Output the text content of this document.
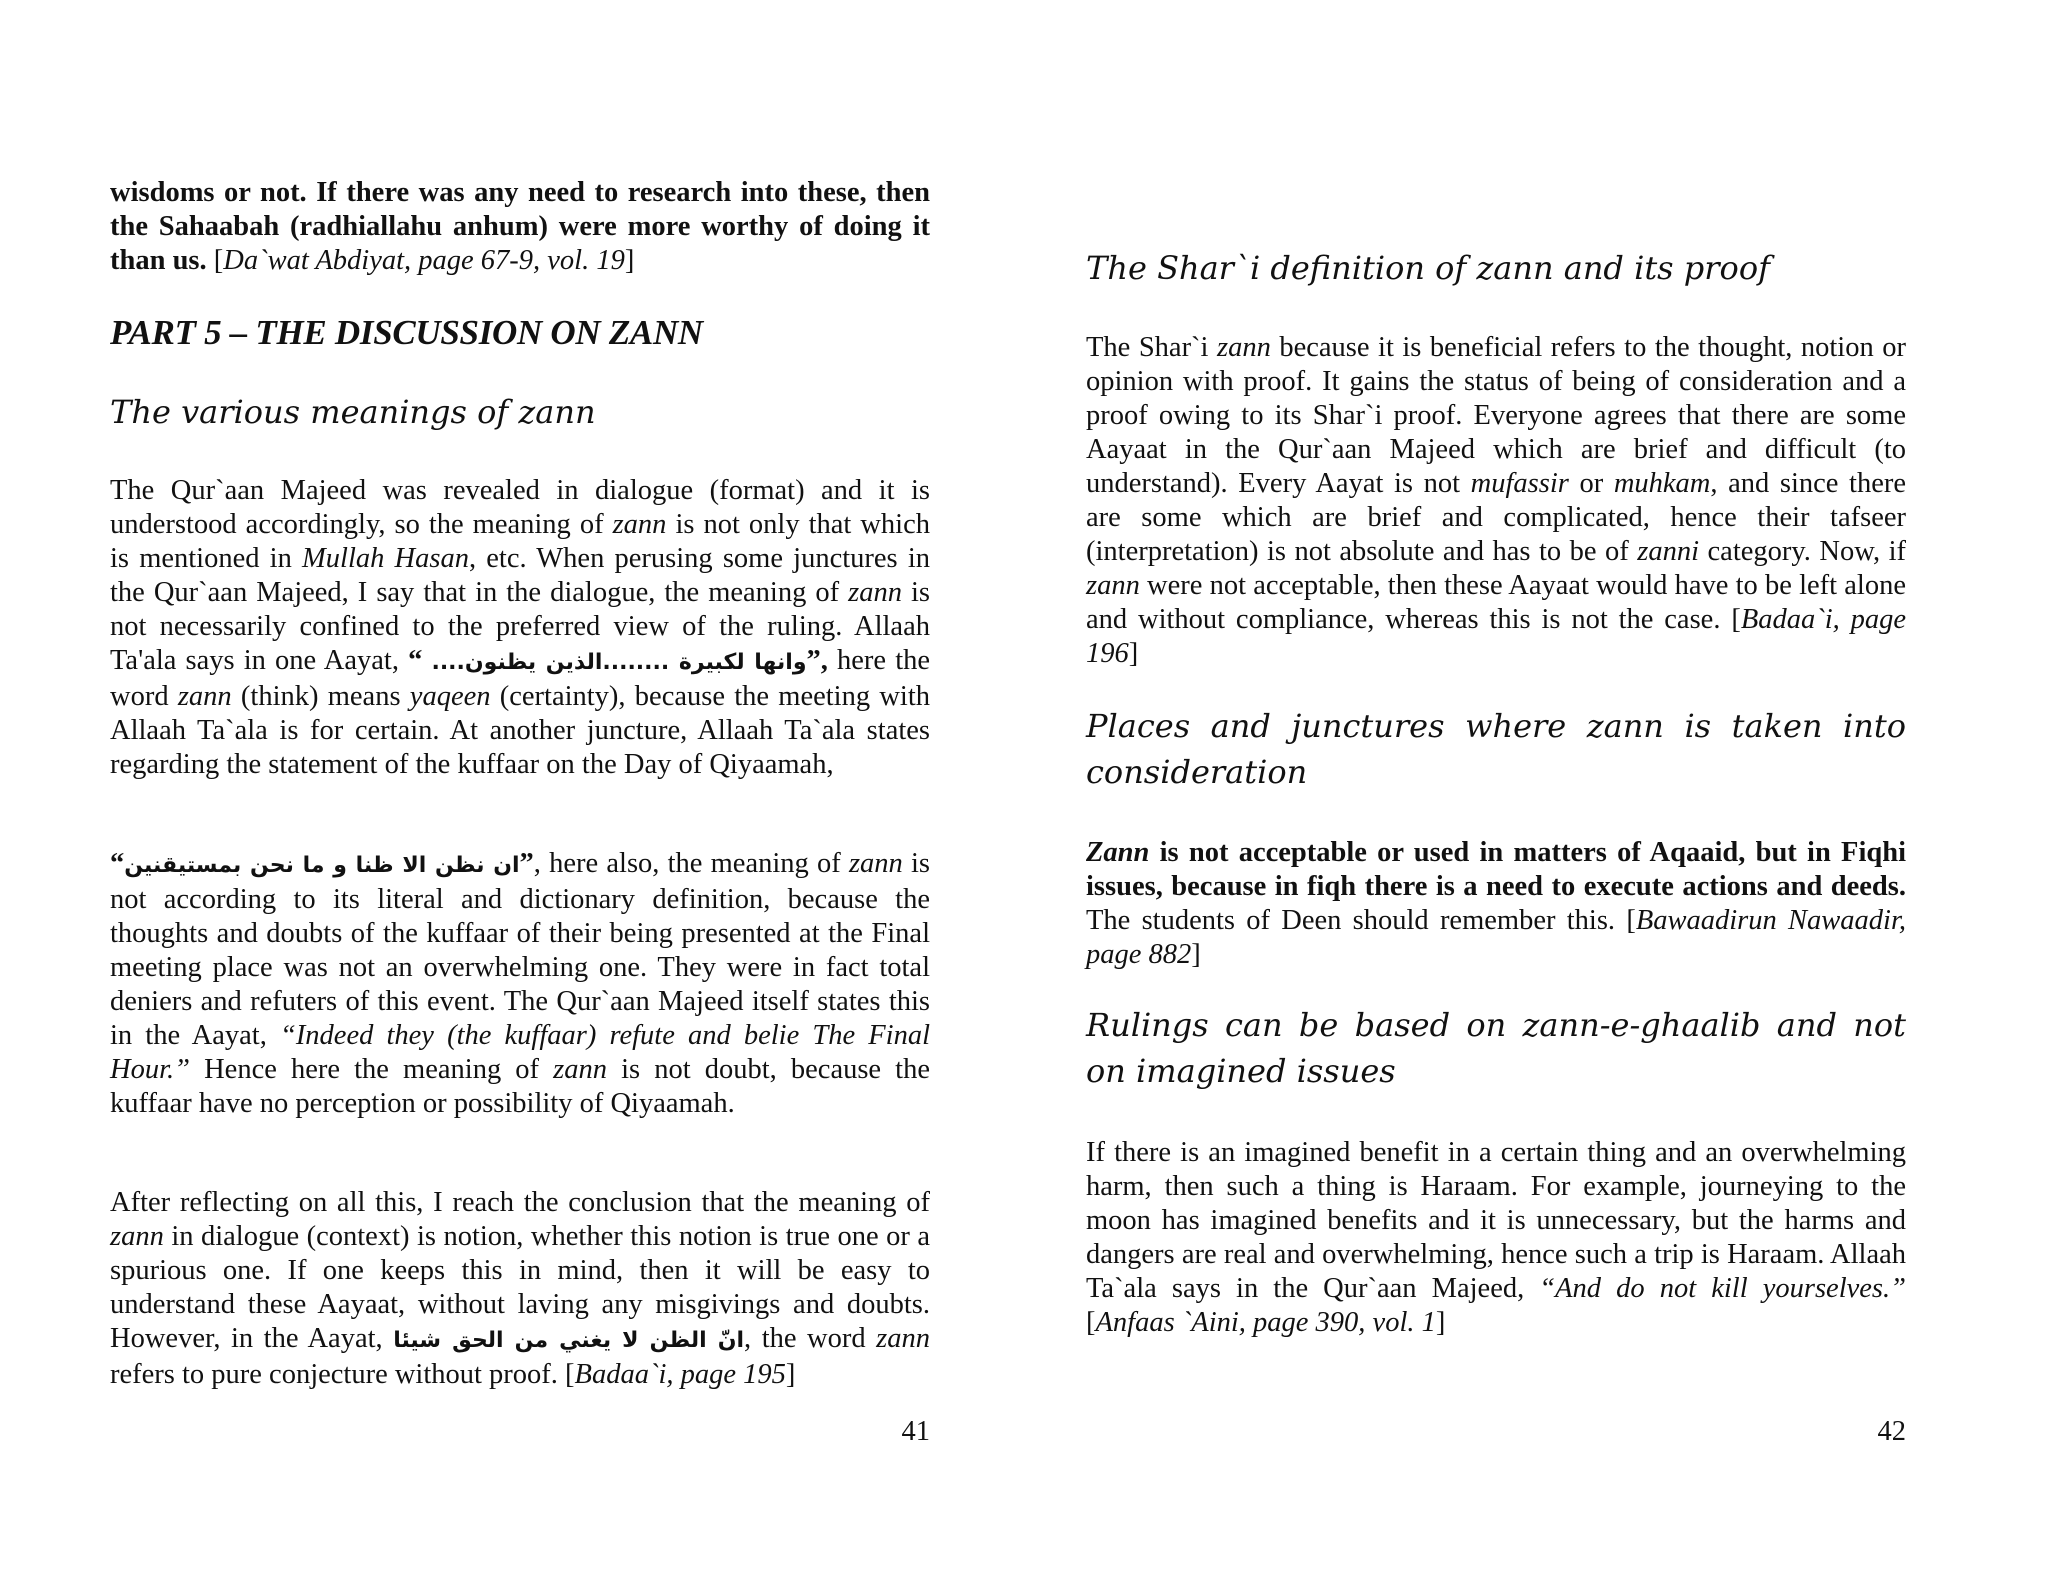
wisdoms or not. If there was any need to research into these, then the Sahaabah (radhiallahu anhum) were more worthy of doing it than us. [Da`wat Abdiyat, page 67-9, vol. 19]

PART 5 – THE DISCUSSION ON ZANN
The various meanings of zann

The Qur`aan Majeed was revealed in dialogue (format) and it is understood accordingly, so the meaning of zann is not only that which is mentioned in Mullah Hasan, etc. When perusing some junctures in the Qur`aan Majeed, I say that in the dialogue, the meaning of zann is not necessarily confined to the preferred view of the ruling. Allaah Ta'ala says in one Aayat, “ وانها لكبيرة ........الذين يظنون....”, here the word zann (think) means yaqeen (certainty), because the meeting with Allaah Ta`ala is for certain. At another juncture, Allaah Ta`ala states regarding the statement of the kuffaar on the Day of Qiyaamah,

“ان نظن الا ظنا و ما نحن بمستيقنين”, here also, the meaning of zann is not according to its literal and dictionary definition, because the thoughts and doubts of the kuffaar of their being presented at the Final meeting place was not an overwhelming one. They were in fact total deniers and refuters of this event. The Qur`aan Majeed itself states this in the Aayat, “Indeed they (the kuffaar) refute and belie The Final Hour.” Hence here the meaning of zann is not doubt, because the kuffaar have no perception or possibility of Qiyaamah.

After reflecting on all this, I reach the conclusion that the meaning of zann in dialogue (context) is notion, whether this notion is true one or a spurious one. If one keeps this in mind, then it will be easy to understand these Aayaat, without laving any misgivings and doubts. However, in the Aayat, انّ الظن لا يغني من الحق شيئا, the word zann refers to pure conjecture without proof. [Badaa`i, page 195]

41
The Shar`i definition of zann and its proof

The Shar`i zann because it is beneficial refers to the thought, notion or opinion with proof. It gains the status of being of consideration and a proof owing to its Shar`i proof. Everyone agrees that there are some Aayaat in the Qur`aan Majeed which are brief and difficult (to understand). Every Aayat is not mufassir or muhkam, and since there are some which are brief and complicated, hence their tafseer (interpretation) is not absolute and has to be of zanni category. Now, if zann were not acceptable, then these Aayaat would have to be left alone and without compliance, whereas this is not the case. [Badaa`i, page 196]

Places and junctures where zann is taken into consideration

Zann is not acceptable or used in matters of Aqaaid, but in Fiqhi issues, because in fiqh there is a need to execute actions and deeds. The students of Deen should remember this. [Bawaadirun Nawaadir, page 882]

Rulings can be based on zann-e-ghaalib and not on imagined issues

If there is an imagined benefit in a certain thing and an overwhelming harm, then such a thing is Haraam. For example, journeying to the moon has imagined benefits and it is unnecessary, but the harms and dangers are real and overwhelming, hence such a trip is Haraam. Allaah Ta`ala says in the Qur`aan Majeed, “And do not kill yourselves.” [Anfaas `Aini, page 390, vol. 1]

42
